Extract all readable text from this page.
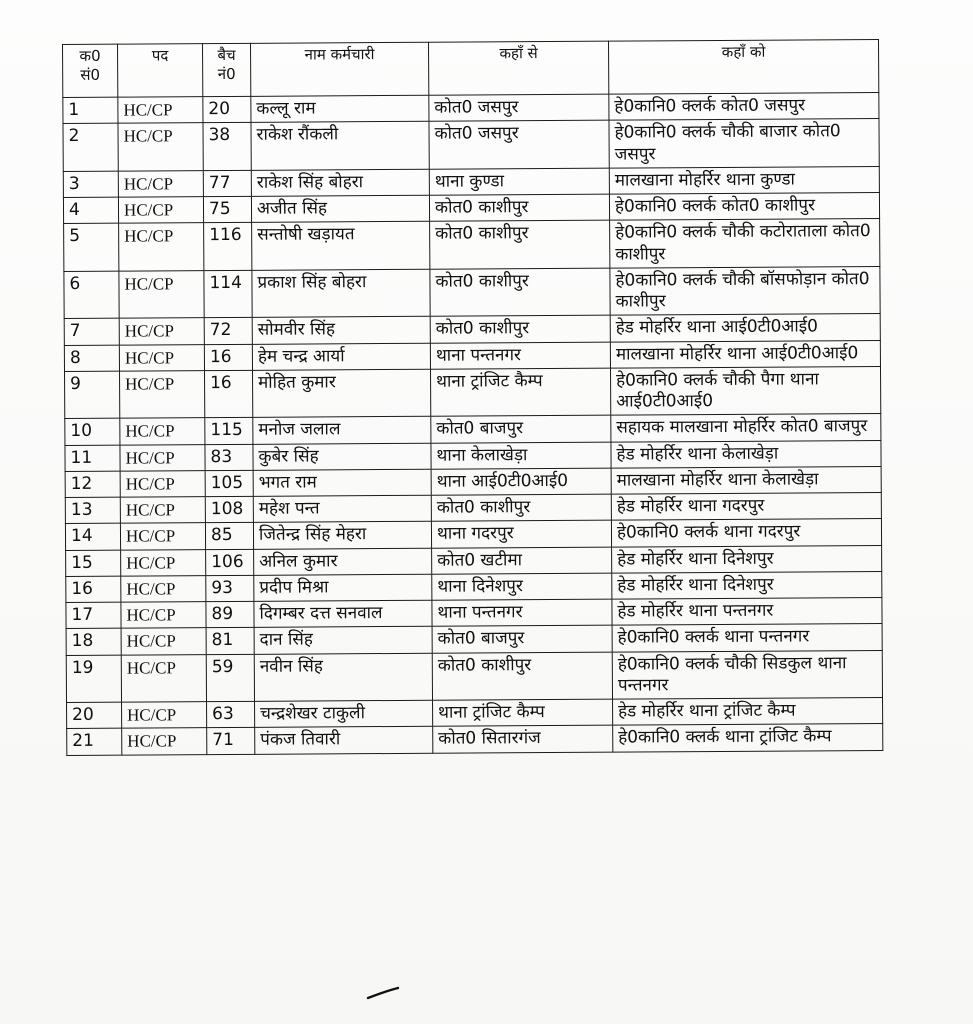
क0 सं0	पद	बैच नं0	नाम कर्मचारी	कहाँ से	कहाँ को
1	HC/CP	20	कल्लू राम	कोत0 जसपुर	हे0कानि0 क्लर्क कोत0 जसपुर
2	HC/CP	38	राकेश रौंकली	कोत0 जसपुर	हे0कानि0 क्लर्क चौकी बाजार कोत0 जसपुर
3	HC/CP	77	राकेश सिंह बोहरा	थाना कुण्डा	मालखाना मोहर्रिर थाना कुण्डा
4	HC/CP	75	अजीत सिंह	कोत0 काशीपुर	हे0कानि0 क्लर्क कोत0 काशीपुर
5	HC/CP	116	सन्तोषी खड़ायत	कोत0 काशीपुर	हे0कानि0 क्लर्क चौकी कटोराताला कोत0 काशीपुर
6	HC/CP	114	प्रकाश सिंह बोहरा	कोत0 काशीपुर	हे0कानि0 क्लर्क चौकी बॉसफोड़ान कोत0 काशीपुर
7	HC/CP	72	सोमवीर सिंह	कोत0 काशीपुर	हेड मोहर्रिर थाना आई0टी0आई0
8	HC/CP	16	हेम चन्द्र आर्या	थाना पन्तनगर	मालखाना मोहर्रिर थाना आई0टी0आई0
9	HC/CP	16	मोहित कुमार	थाना ट्रांजिट कैम्प	हे0कानि0 क्लर्क चौकी पैगा थाना आई0टी0आई0
10	HC/CP	115	मनोज जलाल	कोत0 बाजपुर	सहायक मालखाना मोहर्रिर कोत0 बाजपुर
11	HC/CP	83	कुबेर सिंह	थाना केलाखेड़ा	हेड मोहर्रिर थाना केलाखेड़ा
12	HC/CP	105	भगत राम	थाना आई0टी0आई0	मालखाना मोहर्रिर थाना केलाखेड़ा
13	HC/CP	108	महेश पन्त	कोत0 काशीपुर	हेड मोहर्रिर थाना गदरपुर
14	HC/CP	85	जितेन्द्र सिंह मेहरा	थाना गदरपुर	हे0कानि0 क्लर्क थाना गदरपुर
15	HC/CP	106	अनिल कुमार	कोत0 खटीमा	हेड मोहर्रिर थाना दिनेशपुर
16	HC/CP	93	प्रदीप मिश्रा	थाना दिनेशपुर	हेड मोहर्रिर थाना दिनेशपुर
17	HC/CP	89	दिगम्बर दत्त सनवाल	थाना पन्तनगर	हेड मोहर्रिर थाना पन्तनगर
18	HC/CP	81	दान सिंह	कोत0 बाजपुर	हे0कानि0 क्लर्क थाना पन्तनगर
19	HC/CP	59	नवीन सिंह	कोत0 काशीपुर	हे0कानि0 क्लर्क चौकी सिडकुल थाना पन्तनगर
20	HC/CP	63	चन्द्रशेखर टाकुली	थाना ट्रांजिट कैम्प	हेड मोहर्रिर थाना ट्रांजिट कैम्प
21	HC/CP	71	पंकज तिवारी	कोत0 सितारगंज	हे0कानि0 क्लर्क थाना ट्रांजिट कैम्प
